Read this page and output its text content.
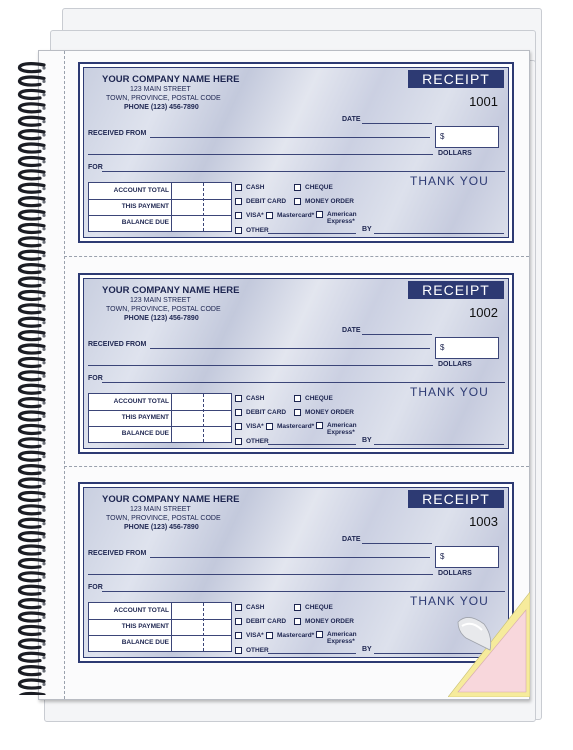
YOUR COMPANY NAME HERE
123 MAIN STREET
TOWN, PROVINCE, POSTAL CODE
PHONE (123) 456-7890
RECEIPT
1001
DATE
RECEIVED FROM	$
DOLLARS
FOR
ACCOUNT TOTAL
THIS PAYMENT
BALANCE DUE
CASH	CHEQUE
DEBIT CARD	MONEY ORDER
VISA* Mastercard* American
Express*
OTHER	BY
THANK YOU
YOUR COMPANY NAME HERE
123 MAIN STREET
TOWN, PROVINCE, POSTAL CODE
PHONE (123) 456-7890
RECEIPT
1002
DATE
RECEIVED FROM	$
DOLLARS
FOR
ACCOUNT TOTAL
THIS PAYMENT
BALANCE DUE
CASH	CHEQUE
DEBIT CARD	MONEY ORDER
VISA* Mastercard* American
Express*
OTHER	BY
THANK YOU
YOUR COMPANY NAME HERE
123 MAIN STREET
TOWN, PROVINCE, POSTAL CODE
PHONE (123) 456-7890
RECEIPT
1003
DATE
RECEIVED FROM	$
DOLLARS
FOR
ACCOUNT TOTAL
THIS PAYMENT
BALANCE DUE
CASH	CHEQUE
DEBIT CARD	MONEY ORDER
VISA* Mastercard* American
Express*
OTHER	BY
THANK YOU
